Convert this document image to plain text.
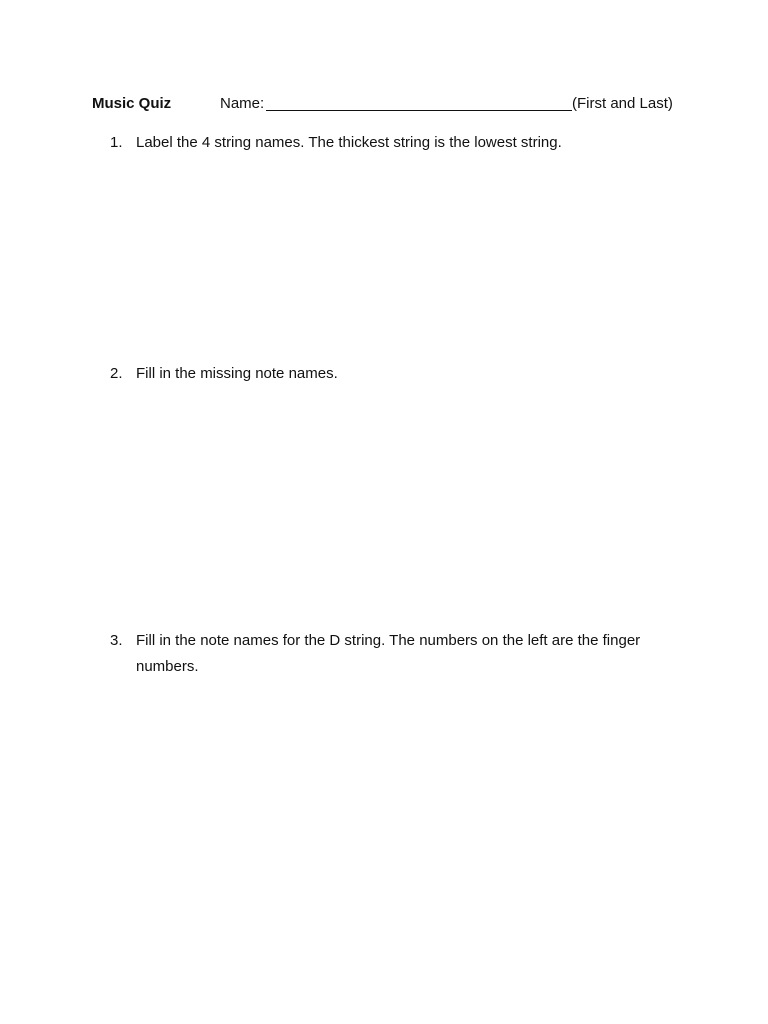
Music Quiz	Name:	(First and Last)
1. Label the 4 string names. The thickest string is the lowest string.
2. Fill in the missing note names.
3. Fill in the note names for the D string. The numbers on the left are the finger numbers.
